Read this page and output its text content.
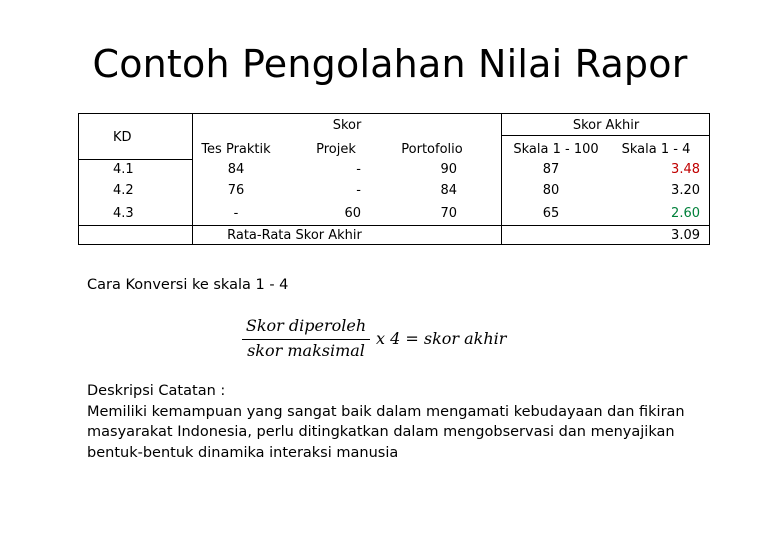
Contoh Pengolahan Nilai Rapor
KD
Skor	Skor Akhir
Tes Praktik	Projek	Portofolio	Skala 1 - 100	Skala 1 - 4
4.1	84	-	90	87	3.48
4.2	76	-	84	80	3.20
4.3	-	60	70	65	2.60
Rata-Rata Skor Akhir	3.09
Cara Konversi ke skala 1 - 4
Skor diperoleh
skor maksimal
x 4 = skor akhir
Deskripsi Catatan :
Memiliki kemampuan yang sangat baik dalam mengamati kebudayaan dan fikiran masyarakat Indonesia, perlu ditingkatkan dalam mengobservasi dan menyajikan bentuk-bentuk dinamika interaksi manusia
